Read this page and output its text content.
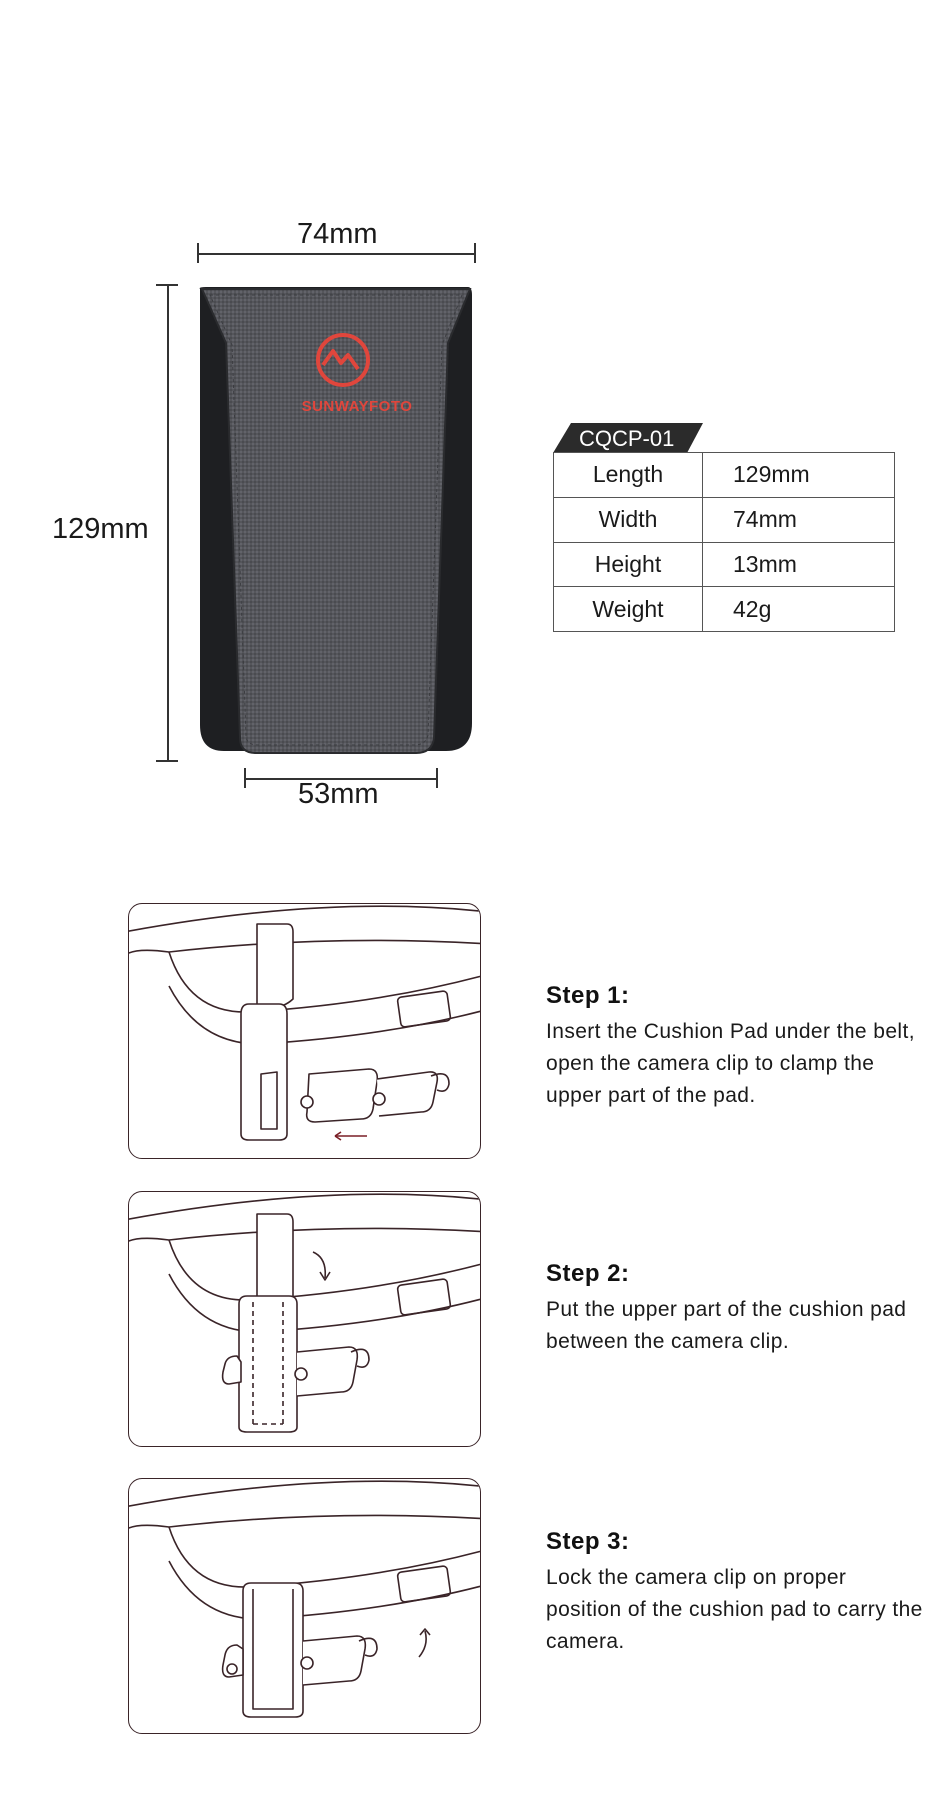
74mm
129mm
53mm
SUNWAYFOTO
CQCP-01
Length	129mm
Width	74mm
Height	13mm
Weight	42g
Step 1:
Insert the Cushion Pad under the belt, open the camera clip to clamp the upper part of the pad.
Step 2:
Put the upper part of the cushion pad between the camera clip.
Step 3:
Lock the camera clip on proper position of the cushion pad to carry the camera.
